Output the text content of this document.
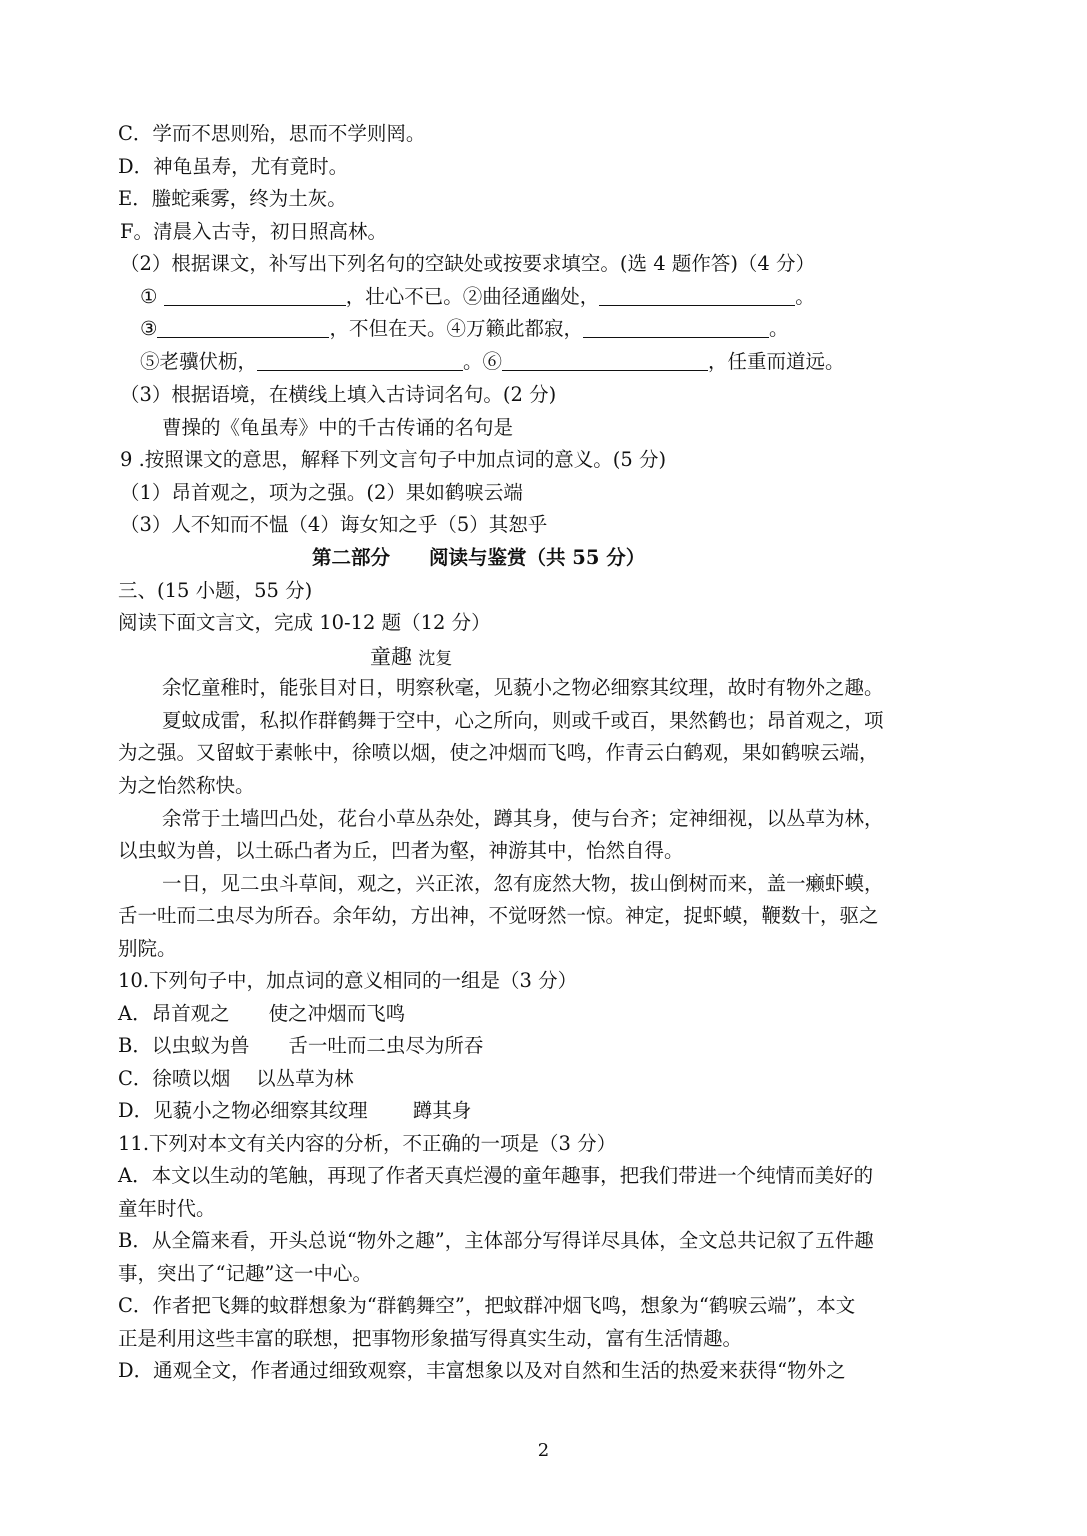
C．学而不思则殆，思而不学则罔。
D．神龟虽寿，尤有竟时。
E．螣蛇乘雾，终为土灰。
F。清晨入古寺，初日照高林。
（2）根据课文，补写出下列名句的空缺处或按要求填空。(选 4 题作答)（4 分）
①	，壮心不已。②曲径通幽处，	。
③	，不但在天。④万籁此都寂，	。
⑤老骥伏枥，	。⑥	，任重而道远。
（3）根据语境，在横线上填入古诗词名句。(2 分)
曹操的《龟虽寿》中的千古传诵的名句是
9 .按照课文的意思，解释下列文言句子中加点词的意义。(5 分)
（1）昂首观之，项为之强。(2）果如鹤唳云端
（3）人不知而不愠（4）诲女知之乎（5）其恕乎
第二部分　　阅读与鉴赏（共 55 分）
三、(15 小题，55 分)
阅读下面文言文，完成 10-12 题（12 分）
童趣 沈复
余忆童稚时，能张目对日，明察秋毫，见藐小之物必细察其纹理，故时有物外之趣。
夏蚊成雷，私拟作群鹤舞于空中，心之所向，则或千或百，果然鹤也；昂首观之，项
为之强。又留蚊于素帐中，徐喷以烟，使之冲烟而飞鸣，作青云白鹤观，果如鹤唳云端，
为之怡然称快。
余常于土墙凹凸处，花台小草丛杂处，蹲其身，使与台齐；定神细视，以丛草为林，
以虫蚁为兽，以土砾凸者为丘，凹者为壑，神游其中，怡然自得。
一日，见二虫斗草间，观之，兴正浓，忽有庞然大物，拔山倒树而来，盖一癞虾蟆，
舌一吐而二虫尽为所吞。余年幼，方出神，不觉呀然一惊。神定，捉虾蟆，鞭数十，驱之
别院。
10.下列句子中，加点词的意义相同的一组是（3 分）
A．昂首观之　　使之冲烟而飞鸣
B．以虫蚁为兽　　舌一吐而二虫尽为所吞
C．徐喷以烟　 以丛草为林
D．见藐小之物必细察其纹理　　 蹲其身
11.下列对本文有关内容的分析，不正确的一项是（3 分）
A．本文以生动的笔触，再现了作者天真烂漫的童年趣事，把我们带进一个纯情而美好的
童年时代。
B．从全篇来看，开头总说“物外之趣”，主体部分写得详尽具体，全文总共记叙了五件趣
事，突出了“记趣”这一中心。
C．作者把飞舞的蚊群想象为“群鹤舞空”，把蚊群冲烟飞鸣，想象为“鹤唳云端”，本文
正是利用这些丰富的联想，把事物形象描写得真实生动，富有生活情趣。
D．通观全文，作者通过细致观察，丰富想象以及对自然和生活的热爱来获得“物外之
2
